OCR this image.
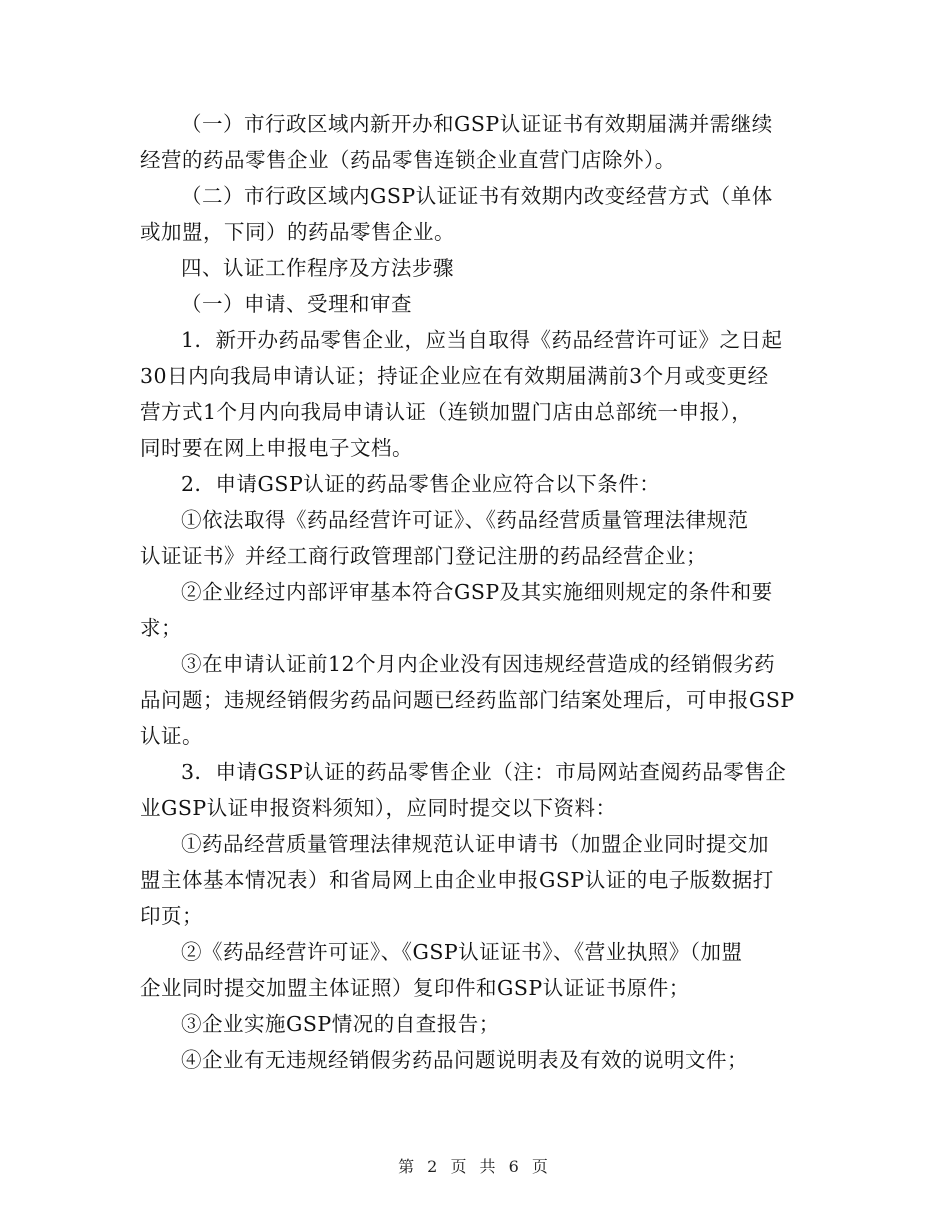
（一）市行政区域内新开办和GSP认证证书有效期届满并需继续
经营的药品零售企业（药品零售连锁企业直营门店除外）。

（二）市行政区域内GSP认证证书有效期内改变经营方式（单体
或加盟，下同）的药品零售企业。

四、认证工作程序及方法步骤

（一）申请、受理和审查

1．新开办药品零售企业，应当自取得《药品经营许可证》之日起
30日内向我局申请认证；持证企业应在有效期届满前3个月或变更经
营方式1个月内向我局申请认证（连锁加盟门店由总部统一申报），
同时要在网上申报电子文档。

2．申请GSP认证的药品零售企业应符合以下条件：

①依法取得《药品经营许可证》、《药品经营质量管理法律规范
认证证书》并经工商行政管理部门登记注册的药品经营企业；

②企业经过内部评审基本符合GSP及其实施细则规定的条件和要
求；

③在申请认证前12个月内企业没有因违规经营造成的经销假劣药
品问题；违规经销假劣药品问题已经药监部门结案处理后，可申报GSP
认证。

3．申请GSP认证的药品零售企业（注：市局网站查阅药品零售企
业GSP认证申报资料须知），应同时提交以下资料：

①药品经营质量管理法律规范认证申请书（加盟企业同时提交加
盟主体基本情况表）和省局网上由企业申报GSP认证的电子版数据打
印页；

②《药品经营许可证》、《GSP认证证书》、《营业执照》（加盟
企业同时提交加盟主体证照）复印件和GSP认证证书原件；

③企业实施GSP情况的自查报告；

④企业有无违规经销假劣药品问题说明表及有效的说明文件；

第 2 页 共 6 页
